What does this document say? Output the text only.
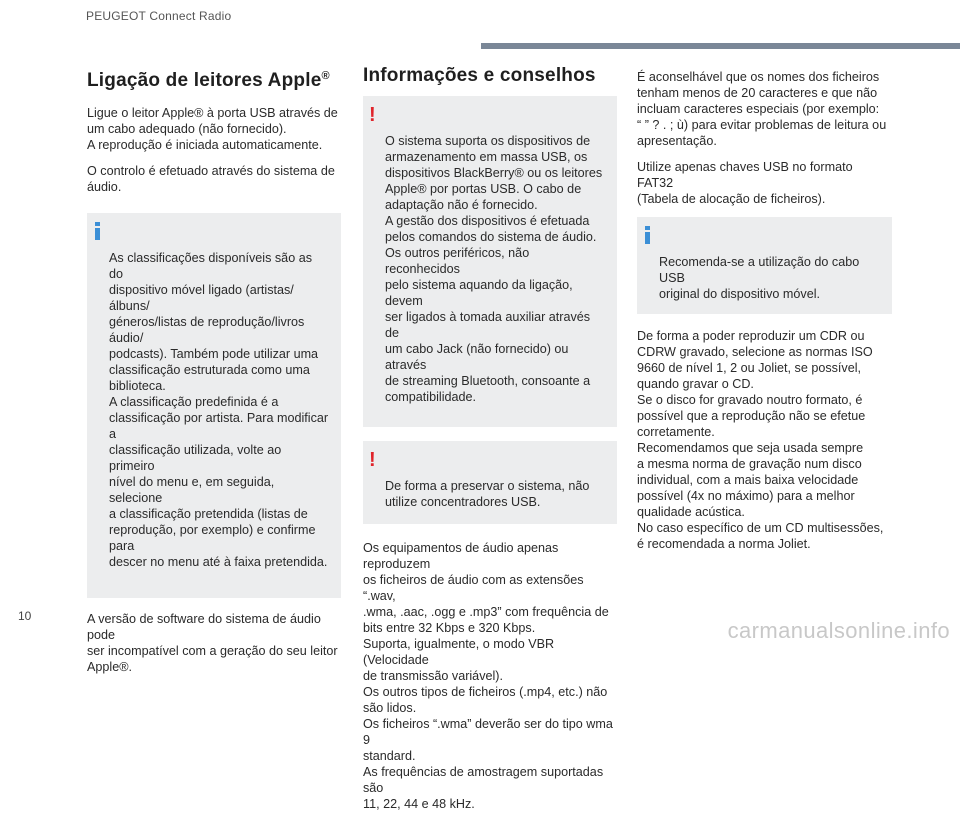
PEUGEOT Connect Radio
Ligação de leitores Apple®

Ligue o leitor Apple® à porta USB através de
um cabo adequado (não fornecido).
A reprodução é iniciada automaticamente.

O controlo é efetuado através do sistema de
áudio.

As classificações disponíveis são as do
dispositivo móvel ligado (artistas/álbuns/
géneros/listas de reprodução/livros áudio/
podcasts). Também pode utilizar uma
classificação estruturada como uma
biblioteca.
A classificação predefinida é a
classificação por artista. Para modificar a
classificação utilizada, volte ao primeiro
nível do menu e, em seguida, selecione
a classificação pretendida (listas de
reprodução, por exemplo) e confirme para
descer no menu até à faixa pretendida.

A versão de software do sistema de áudio pode
ser incompatível com a geração do seu leitor
Apple®.

Informações e conselhos

!

O sistema suporta os dispositivos de
armazenamento em massa USB, os
dispositivos BlackBerry® ou os leitores
Apple® por portas USB. O cabo de
adaptação não é fornecido.
A gestão dos dispositivos é efetuada
pelos comandos do sistema de áudio.
Os outros periféricos, não reconhecidos
pelo sistema aquando da ligação, devem
ser ligados à tomada auxiliar através de
um cabo Jack (não fornecido) ou através
de streaming Bluetooth, consoante a
compatibilidade.

!

De forma a preservar o sistema, não
utilize concentradores USB.

Os equipamentos de áudio apenas reproduzem
os ficheiros de áudio com as extensões “.wav,
.wma, .aac, .ogg e .mp3” com frequência de
bits entre 32 Kbps e 320 Kbps.
Suporta, igualmente, o modo VBR (Velocidade
de transmissão variável).
Os outros tipos de ficheiros (.mp4, etc.) não
são lidos.
Os ficheiros “.wma” deverão ser do tipo wma 9
standard.
As frequências de amostragem suportadas são
11, 22, 44 e 48 kHz.

É aconselhável que os nomes dos ficheiros
tenham menos de 20 caracteres e que não
incluam caracteres especiais (por exemplo:
“ ” ? . ; ù) para evitar problemas de leitura ou
apresentação.

Utilize apenas chaves USB no formato FAT32
(Tabela de alocação de ficheiros).

Recomenda-se a utilização do cabo USB
original do dispositivo móvel.

De forma a poder reproduzir um CDR ou
CDRW gravado, selecione as normas ISO
9660 de nível 1, 2 ou Joliet, se possível,
quando gravar o CD.
Se o disco for gravado noutro formato, é
possível que a reprodução não se efetue
corretamente.
Recomendamos que seja usada sempre
a mesma norma de gravação num disco
individual, com a mais baixa velocidade
possível (4x no máximo) para a melhor
qualidade acústica.
No caso específico de um CD multisessões,
é recomendada a norma Joliet.

10
carmanualsonline.info
